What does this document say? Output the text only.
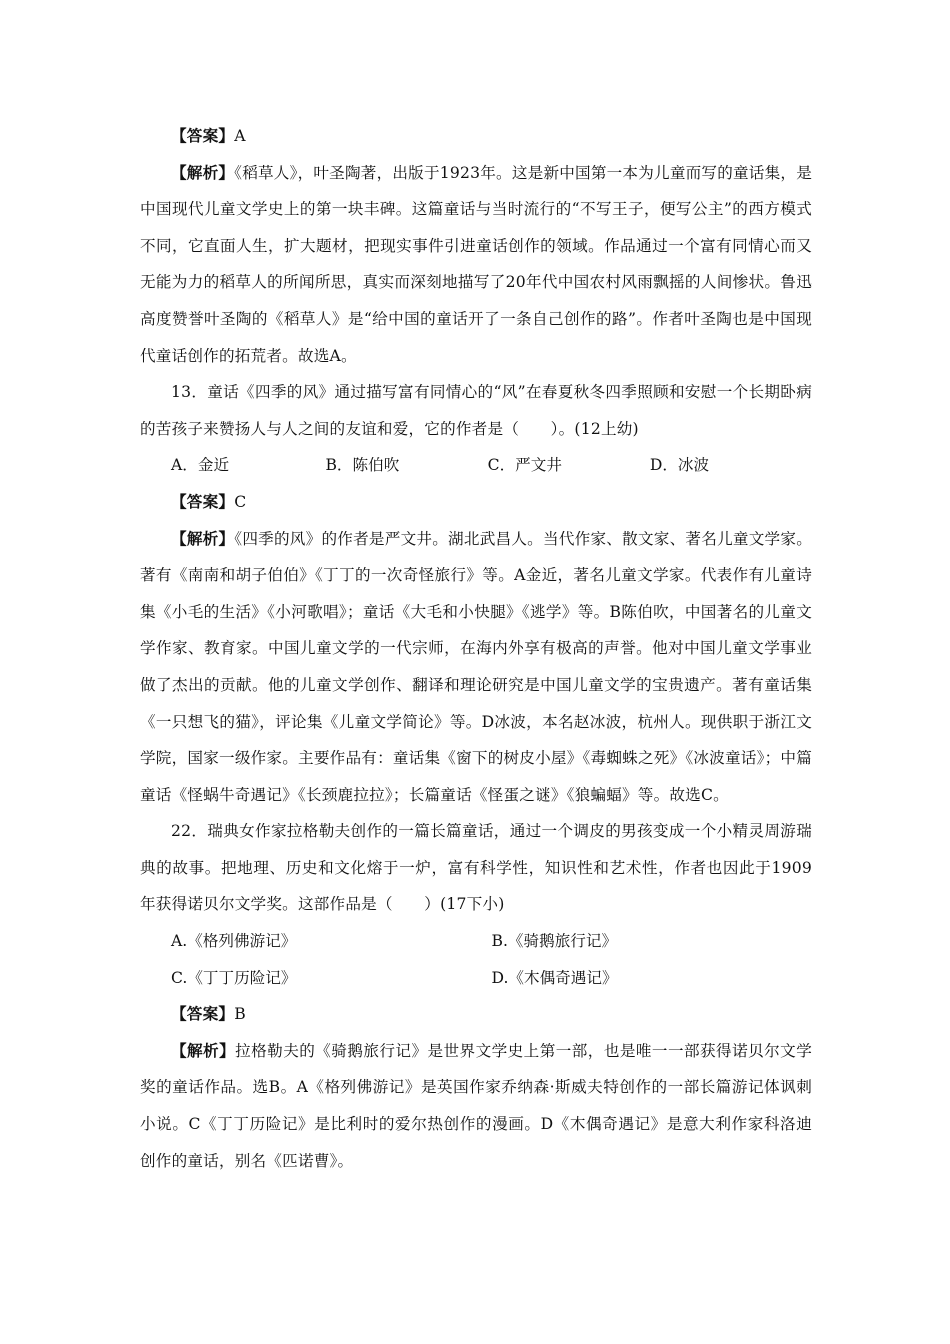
【答案】A

【解析】《稻草人》，叶圣陶著，出版于1923年。这是新中国第一本为儿童而写的童话集，是中国现代儿童文学史上的第一块丰碑。这篇童话与当时流行的“不写王子，便写公主”的西方模式不同，它直面人生，扩大题材，把现实事件引进童话创作的领域。作品通过一个富有同情心而又无能为力的稻草人的所闻所思，真实而深刻地描写了20年代中国农村风雨飘摇的人间惨状。鲁迅高度赞誉叶圣陶的《稻草人》是“给中国的童话开了一条自己创作的路”。作者叶圣陶也是中国现代童话创作的拓荒者。故选A。

13．童话《四季的风》通过描写富有同情心的“风”在春夏秋冬四季照顾和安慰一个长期卧病的苦孩子来赞扬人与人之间的友谊和爱，它的作者是（　　）。(12上幼)

A．金近	B．陈伯吹	C．严文井	D．冰波

【答案】C

【解析】《四季的风》的作者是严文井。湖北武昌人。当代作家、散文家、著名儿童文学家。著有《南南和胡子伯伯》《丁丁的一次奇怪旅行》等。A金近，著名儿童文学家。代表作有儿童诗集《小毛的生活》《小河歌唱》；童话《大毛和小快腿》《逃学》等。B陈伯吹，中国著名的儿童文学作家、教育家。中国儿童文学的一代宗师，在海内外享有极高的声誉。他对中国儿童文学事业做了杰出的贡献。他的儿童文学创作、翻译和理论研究是中国儿童文学的宝贵遗产。著有童话集《一只想飞的猫》，评论集《儿童文学简论》等。D冰波，本名赵冰波，杭州人。现供职于浙江文学院，国家一级作家。主要作品有：童话集《窗下的树皮小屋》《毒蜘蛛之死》《冰波童话》；中篇童话《怪蜗牛奇遇记》《长颈鹿拉拉》；长篇童话《怪蛋之谜》《狼蝙蝠》等。故选C。

22．瑞典女作家拉格勒夫创作的一篇长篇童话，通过一个调皮的男孩变成一个小精灵周游瑞典的故事。把地理、历史和文化熔于一炉，富有科学性，知识性和艺术性，作者也因此于1909年获得诺贝尔文学奖。这部作品是（　　）(17下小)

A.《格列佛游记》	B.《骑鹅旅行记》
C.《丁丁历险记》	D.《木偶奇遇记》

【答案】B

【解析】拉格勒夫的《骑鹅旅行记》是世界文学史上第一部，也是唯一一部获得诺贝尔文学奖的童话作品。选B。A《格列佛游记》是英国作家乔纳森·斯威夫特创作的一部长篇游记体讽刺小说。C《丁丁历险记》是比利时的爱尔热创作的漫画。D《木偶奇遇记》是意大利作家科洛迪创作的童话，别名《匹诺曹》。
